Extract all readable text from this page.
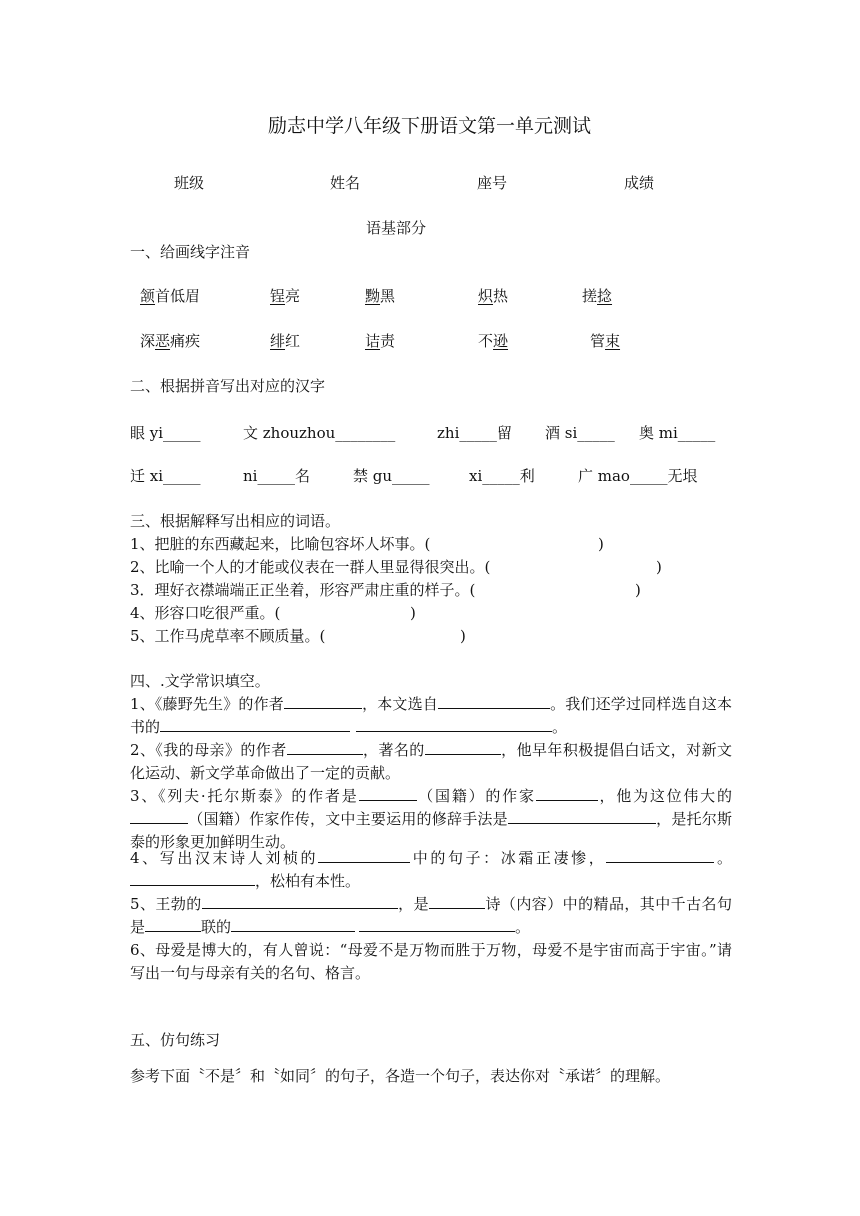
励志中学八年级下册语文第一单元测试
班级	姓名	座号	成绩
语基部分
一、给画线字注音
颔首低眉	锃亮	黝黑	炽热	搓捻
深恶痛疾	绯红	诘责	不逊	管束
二、根据拼音写出对应的汉字
眼 yi_____	文 zhouzhou________	zhi_____留 酒 si_____ 奥 mi_____
迁 xi_____	ni_____名	禁 gu_____	xi_____利	广 mao_____无垠
三、根据解释写出相应的词语。
1、把脏的东西藏起来，比喻包容坏人坏事。(	)
2、比喻一个人的才能或仪表在一群人里显得很突出。(	)
3．理好衣襟端端正正坐着，形容严肃庄重的样子。(	)
4、形容口吃很严重。(	)
5、工作马虎草率不顾质量。(	)
四、.文学常识填空。

1、《藤野先生》的作者	，本文选自	。我们还学过同样选自这本书的	。

2、《我的母亲》的作者	，著名的	，他早年积极提倡白话文，对新文化运动、新文学革命做出了一定的贡献。

3、《列夫·托尔斯泰》的作者是	（国籍）的作家	，他为这位伟大的（国籍）作家作传，文中主要运用的修辞手法是	，是托尔斯泰的形象更加鲜明生动。

4、写出汉末诗人刘桢的	中的句子：冰霜正凄惨，	。，松柏有本性。

5、王勃的	，是	诗（内容）中的精品，其中千古名句是	联的	。

6、母爱是博大的，有人曾说：“母爱不是万物而胜于万物，母爱不是宇宙而高于宇宙。”请写出一句与母亲有关的名句、格言。

五、仿句练习
参考下面〝不是〞和〝如同〞的句子，各造一个句子，表达你对〝承诺〞的理解。
